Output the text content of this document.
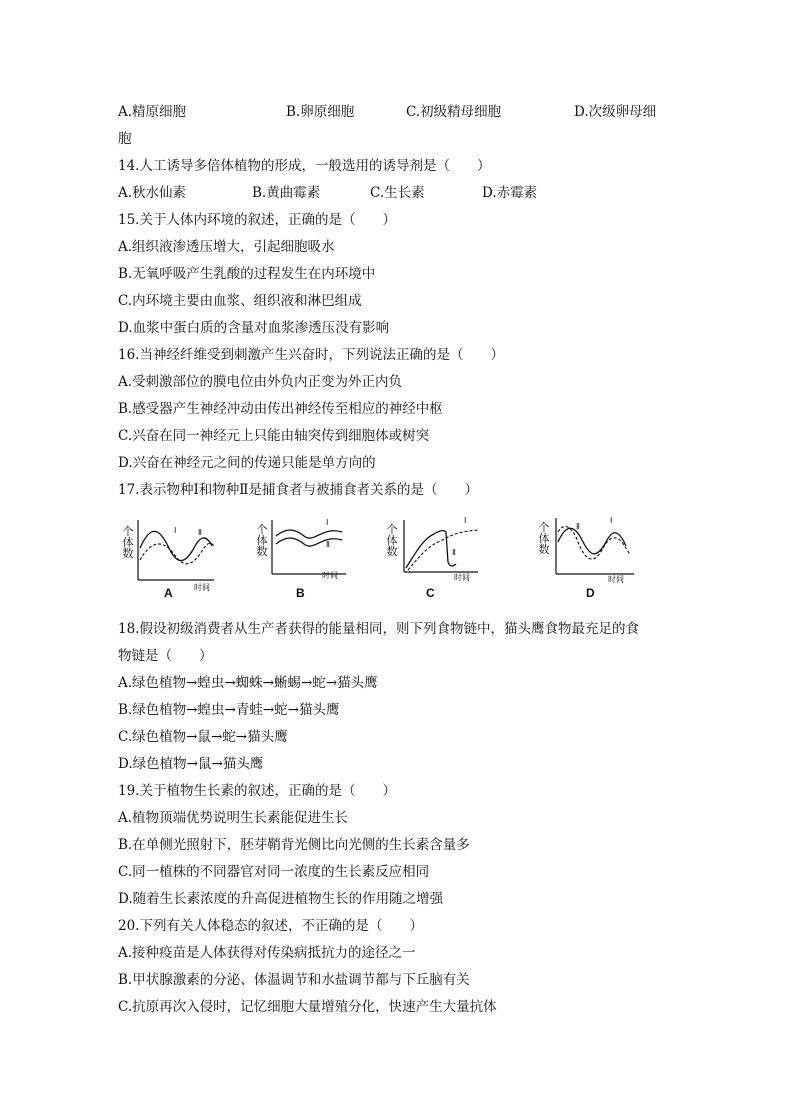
A.精原细胞	B.卵原细胞	C.初级精母细胞	D.次级卵母细
胞
14.人工诱导多倍体植物的形成，一般选用的诱导剂是（　　）
A.秋水仙素	B.黄曲霉素	C.生长素	D.赤霉素
15.关于人体内环境的叙述，正确的是（　　）
A.组织液渗透压增大，引起细胞吸水
B.无氧呼吸产生乳酸的过程发生在内环境中
C.内环境主要由血浆、组织液和淋巴组成
D.血浆中蛋白质的含量对血浆渗透压没有影响
16.当神经纤维受到刺激产生兴奋时，下列说法正确的是（　　）
A.受刺激部位的膜电位由外负内正变为外正内负
B.感受器产生神经冲动由传出神经传至相应的神经中枢
C.兴奋在同一神经元上只能由轴突传到细胞体或树突
D.兴奋在神经元之间的传递只能是单方向的
17.表示物种Ⅰ和物种Ⅱ是捕食者与被捕食者关系的是（　　）
个体数
时间
Ⅰ	Ⅱ
A
个体数
时间
Ⅰ
Ⅱ
B
个体数
时间
Ⅰ
Ⅱ
C
个体数
时间
Ⅰ
Ⅱ
D
18.假设初级消费者从生产者获得的能量相同，则下列食物链中，猫头鹰食物最充足的食
物链是（　　）
A.绿色植物→蝗虫→蜘蛛→蜥蜴→蛇→猫头鹰
B.绿色植物→蝗虫→青蛙→蛇→猫头鹰
C.绿色植物→鼠→蛇→猫头鹰
D.绿色植物→鼠→猫头鹰
19.关于植物生长素的叙述，正确的是（　　）
A.植物顶端优势说明生长素能促进生长
B.在单侧光照射下，胚芽鞘背光侧比向光侧的生长素含量多
C.同一植株的不同器官对同一浓度的生长素反应相同
D.随着生长素浓度的升高促进植物生长的作用随之增强
20.下列有关人体稳态的叙述，不正确的是（　　）
A.接种疫苗是人体获得对传染病抵抗力的途径之一
B.甲状腺激素的分泌、体温调节和水盐调节都与下丘脑有关
C.抗原再次入侵时，记忆细胞大量增殖分化，快速产生大量抗体
